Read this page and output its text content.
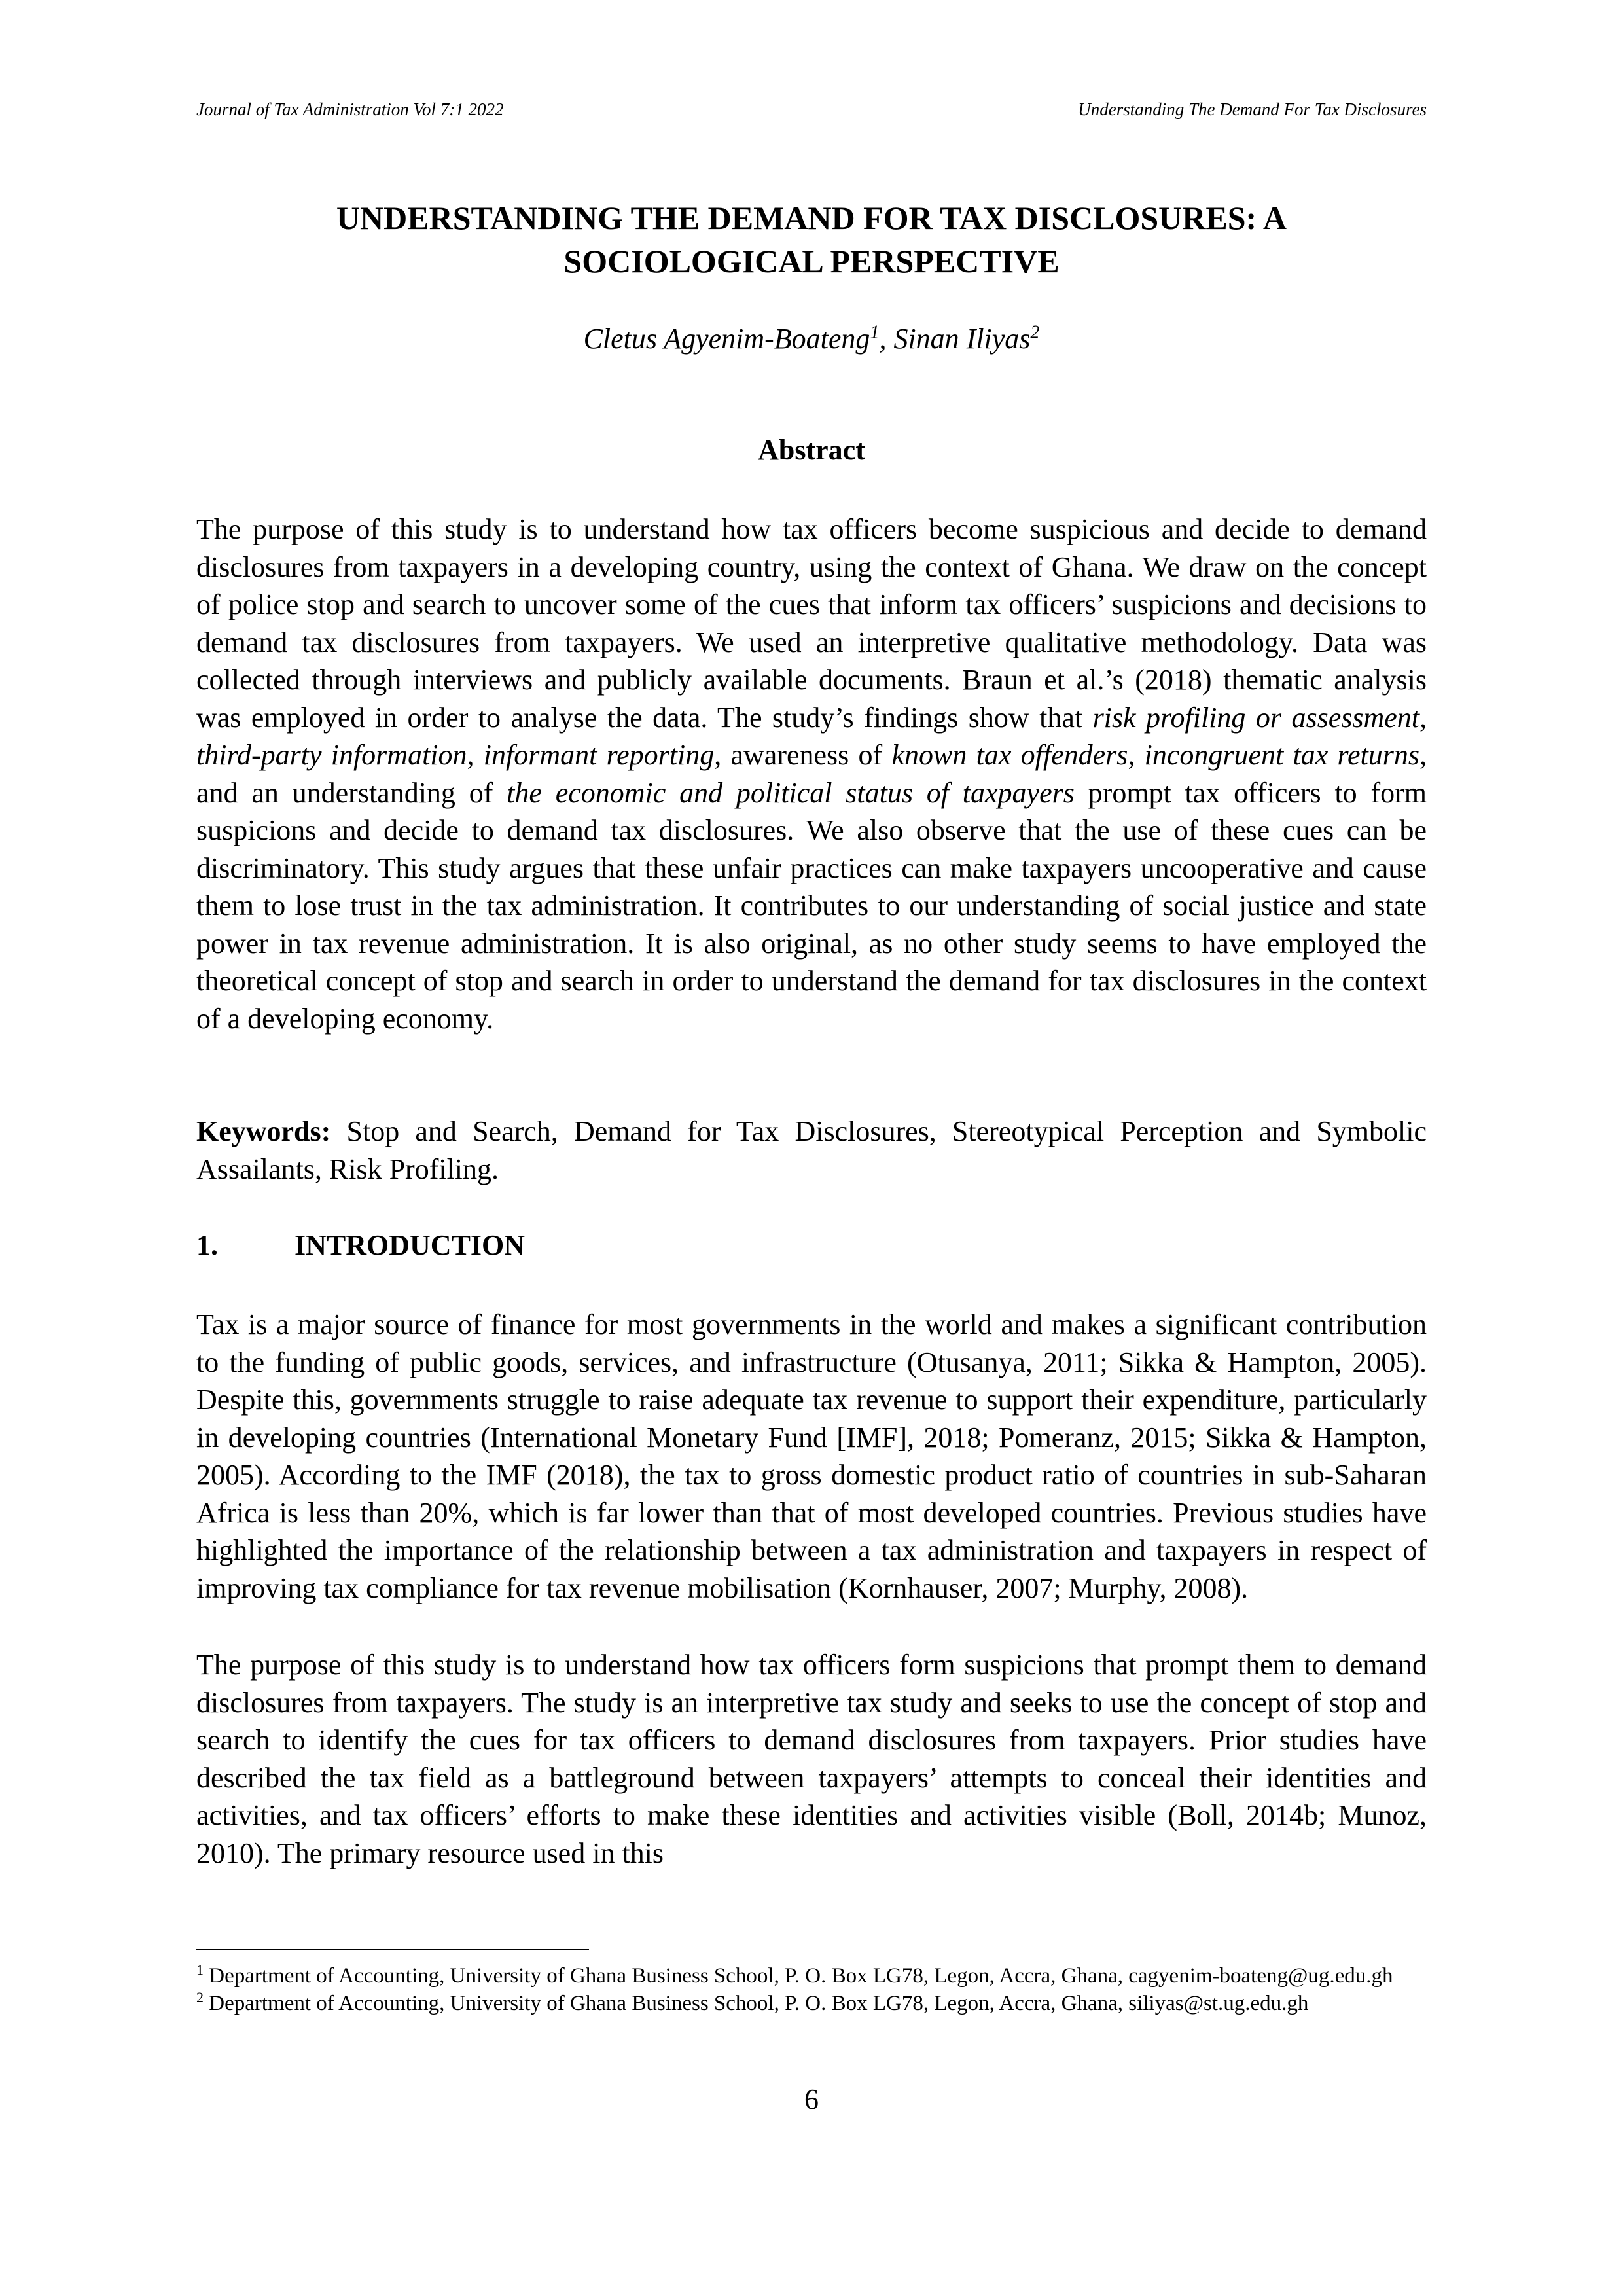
Journal of Tax Administration Vol 7:1 2022	Understanding The Demand For Tax Disclosures
UNDERSTANDING THE DEMAND FOR TAX DISCLOSURES: A
SOCIOLOGICAL PERSPECTIVE
Cletus Agyenim-Boateng$^1$, Sinan Iliyas$^2$
Abstract

The purpose of this study is to understand how tax officers become suspicious and decide to demand disclosures from taxpayers in a developing country, using the context of Ghana. We draw on the concept of police stop and search to uncover some of the cues that inform tax officers’ suspicions and decisions to demand tax disclosures from taxpayers. We used an interpretive qualitative methodology. Data was collected through interviews and publicly available documents. Braun et al.’s (2018) thematic analysis was employed in order to analyse the data. The study’s findings show that risk profiling or assessment, third-party information, informant reporting, awareness of known tax offenders, incongruent tax returns, and an understanding of the economic and political status of taxpayers prompt tax officers to form suspicions and decide to demand tax disclosures. We also observe that the use of these cues can be discriminatory. This study argues that these unfair practices can make taxpayers uncooperative and cause them to lose trust in the tax administration. It contributes to our understanding of social justice and state power in tax revenue administration. It is also original, as no other study seems to have employed the theoretical concept of stop and search in order to understand the demand for tax disclosures in the context of a developing economy.

Keywords: Stop and Search, Demand for Tax Disclosures, Stereotypical Perception and Symbolic Assailants, Risk Profiling.

1.	INTRODUCTION

Tax is a major source of finance for most governments in the world and makes a significant contribution to the funding of public goods, services, and infrastructure (Otusanya, 2011; Sikka & Hampton, 2005). Despite this, governments struggle to raise adequate tax revenue to support their expenditure, particularly in developing countries (International Monetary Fund [IMF], 2018; Pomeranz, 2015; Sikka & Hampton, 2005). According to the IMF (2018), the tax to gross domestic product ratio of countries in sub-Saharan Africa is less than 20%, which is far lower than that of most developed countries. Previous studies have highlighted the importance of the relationship between a tax administration and taxpayers in respect of improving tax compliance for tax revenue mobilisation (Kornhauser, 2007; Murphy, 2008).

The purpose of this study is to understand how tax officers form suspicions that prompt them to demand disclosures from taxpayers. The study is an interpretive tax study and seeks to use the concept of stop and search to identify the cues for tax officers to demand disclosures from taxpayers. Prior studies have described the tax field as a battleground between taxpayers’ attempts to conceal their identities and activities, and tax officers’ efforts to make these identities and activities visible (Boll, 2014b; Munoz, 2010). The primary resource used in this

$^1$ Department of Accounting, University of Ghana Business School, P. O. Box LG78, Legon, Accra, Ghana, cagyenim-boateng@ug.edu.gh

$^2$ Department of Accounting, University of Ghana Business School, P. O. Box LG78, Legon, Accra, Ghana, siliyas@st.ug.edu.gh

6
